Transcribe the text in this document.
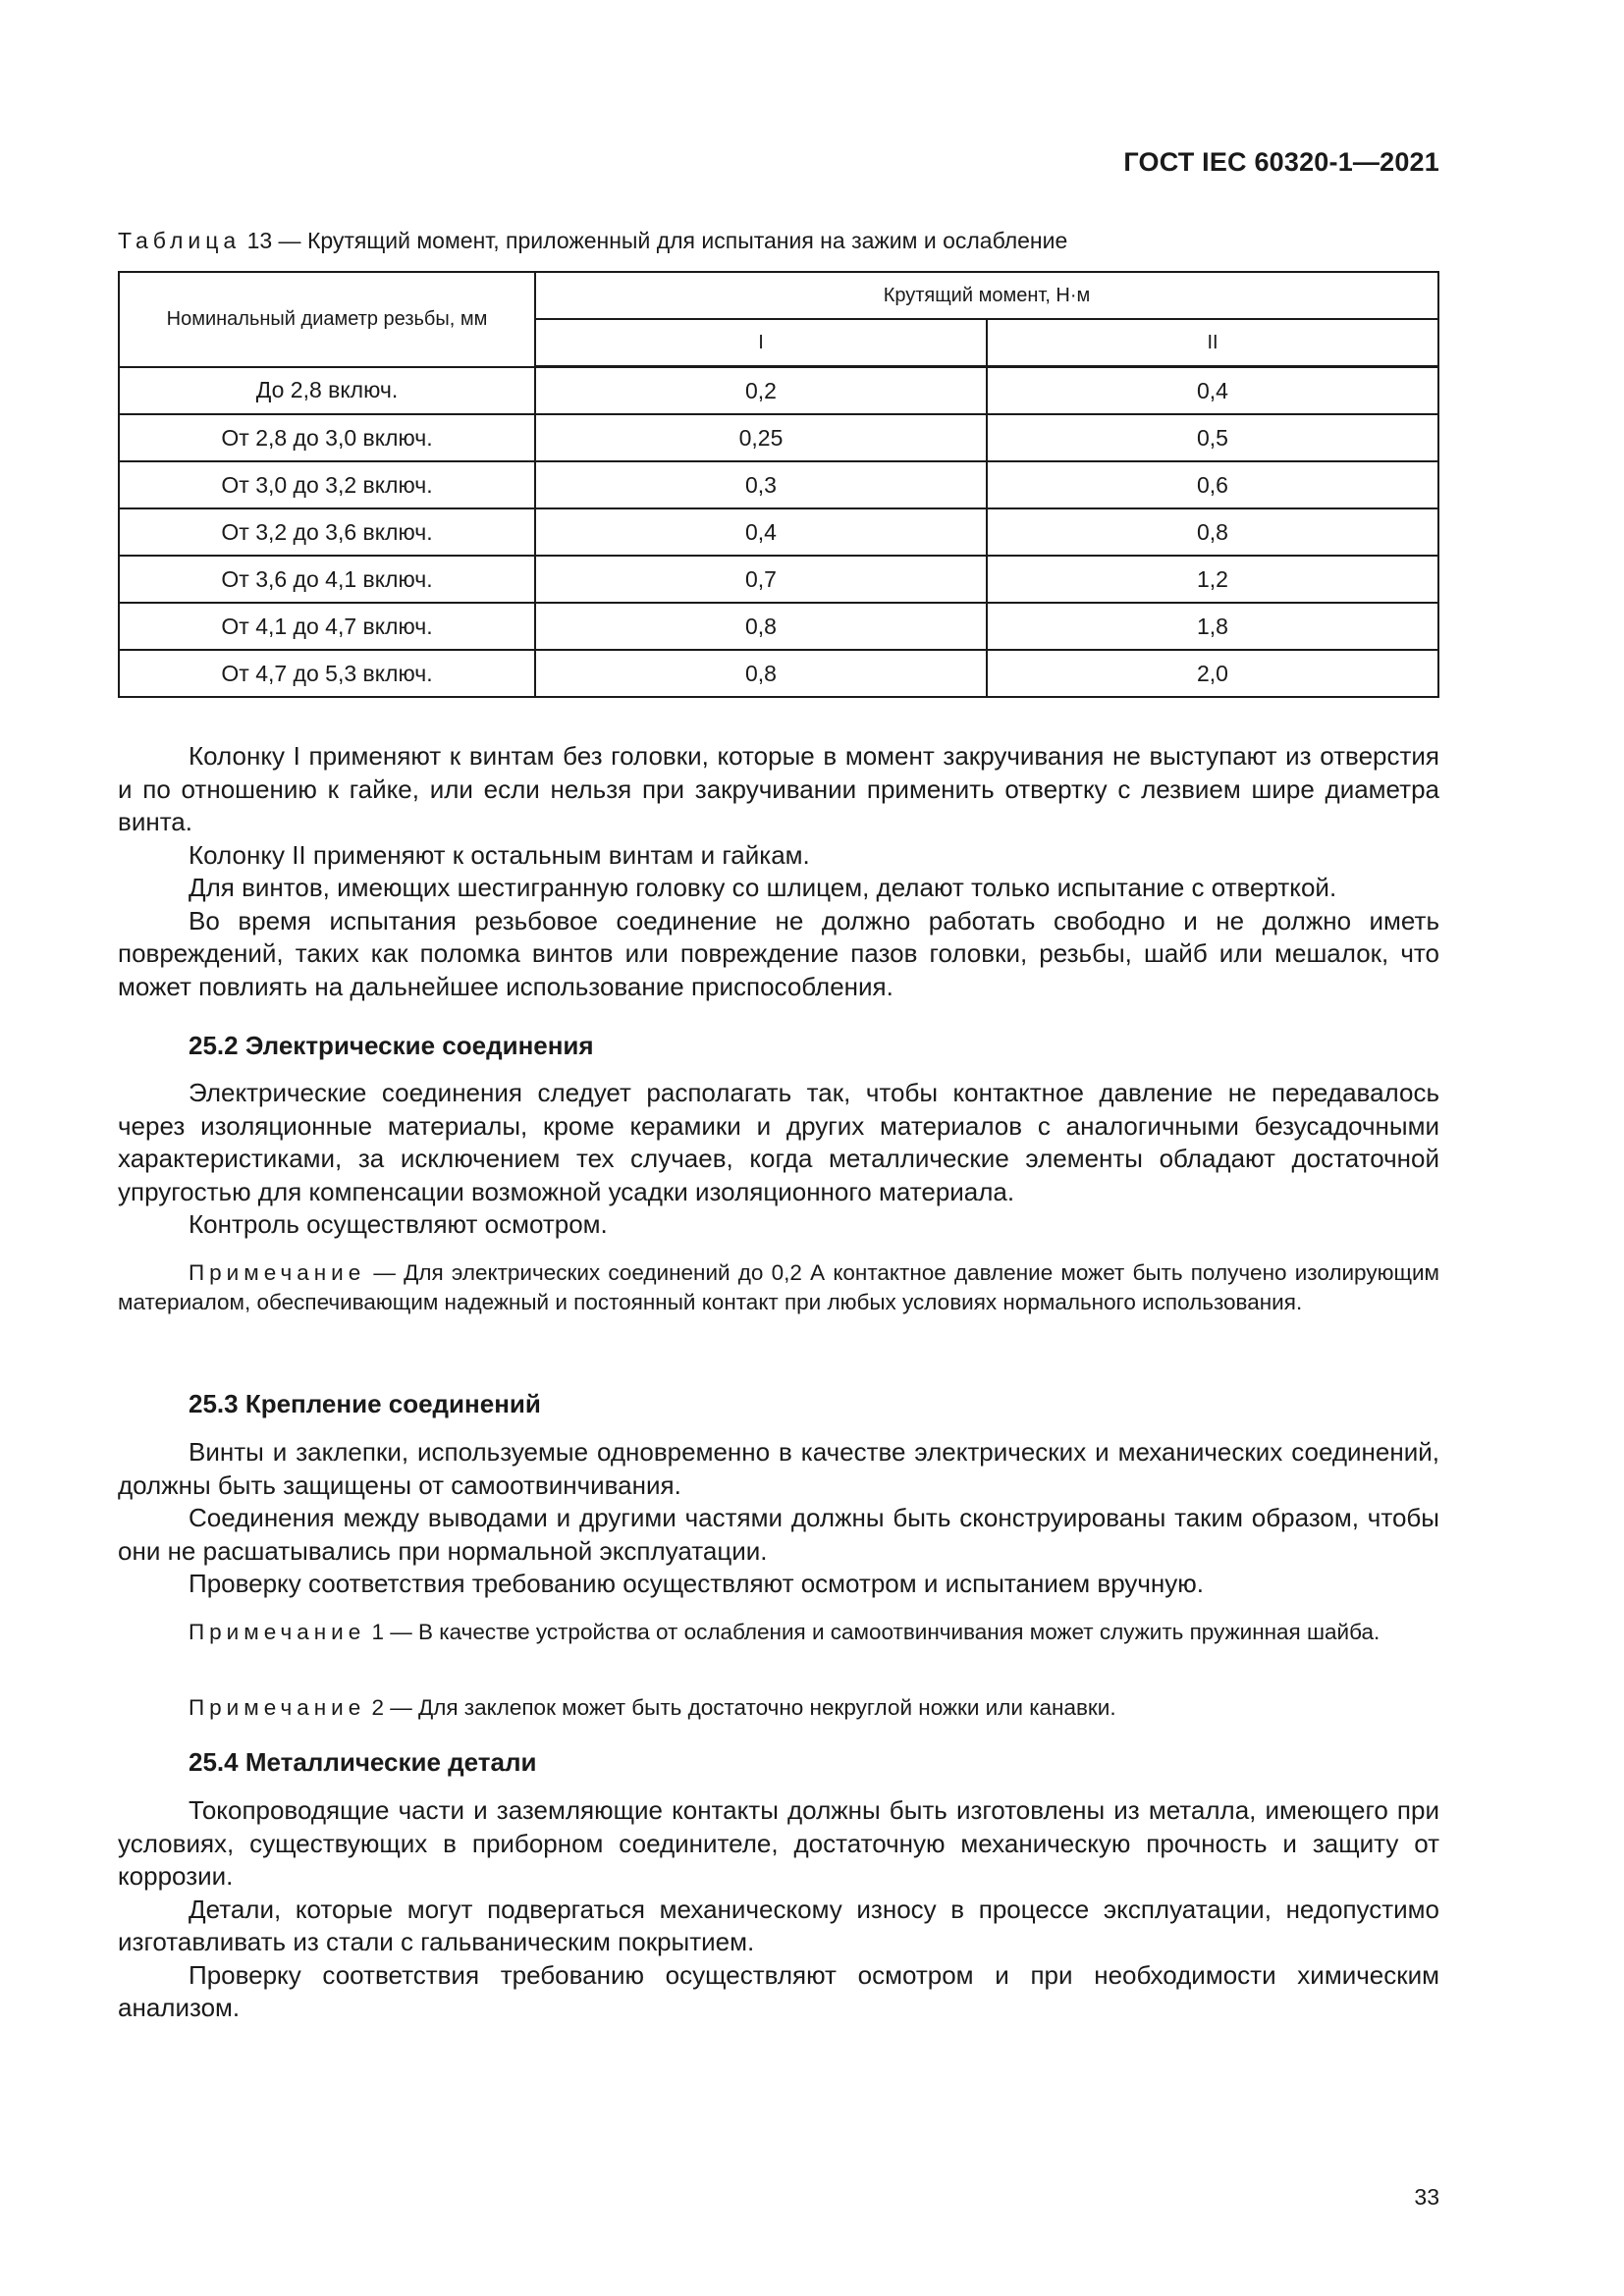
ГОСТ IEC 60320-1—2021
Таблица 13 — Крутящий момент, приложенный для испытания на зажим и ослабление
Номинальный диаметр резьбы, мм	Крутящий момент, Н·м	
	I	II
До 2,8 включ.	0,2	0,4
От 2,8 до 3,0 включ.	0,25	0,5
От 3,0 до 3,2 включ.	0,3	0,6
От 3,2 до 3,6 включ.	0,4	0,8
От 3,6 до 4,1 включ.	0,7	1,2
От 4,1 до 4,7 включ.	0,8	1,8
От 4,7 до 5,3 включ.	0,8	2,0

Колонку I применяют к винтам без головки, которые в момент закручивания не выступают из отверстия и по отношению к гайке, или если нельзя при закручивании применить отвертку с лезвием шире диаметра винта.

Колонку II применяют к остальным винтам и гайкам.

Для винтов, имеющих шестигранную головку со шлицем, делают только испытание с отверткой.

Во время испытания резьбовое соединение не должно работать свободно и не должно иметь повреждений, таких как поломка винтов или повреждение пазов головки, резьбы, шайб или мешалок, что может повлиять на дальнейшее использование приспособления.

25.2 Электрические соединения

Электрические соединения следует располагать так, чтобы контактное давление не передавалось через изоляционные материалы, кроме керамики и других материалов с аналогичными безусадочными характеристиками, за исключением тех случаев, когда металлические элементы обладают достаточной упругостью для компенсации возможной усадки изоляционного материала.

Контроль осуществляют осмотром.

Примечание — Для электрических соединений до 0,2 А контактное давление может быть получено изолирующим материалом, обеспечивающим надежный и постоянный контакт при любых условиях нормального использования.

25.3 Крепление соединений

Винты и заклепки, используемые одновременно в качестве электрических и механических соединений, должны быть защищены от самоотвинчивания.

Соединения между выводами и другими частями должны быть сконструированы таким образом, чтобы они не расшатывались при нормальной эксплуатации.

Проверку соответствия требованию осуществляют осмотром и испытанием вручную.

Примечание 1 — В качестве устройства от ослабления и самоотвинчивания может служить пружинная шайба.

Примечание 2 — Для заклепок может быть достаточно некруглой ножки или канавки.

25.4 Металлические детали

Токопроводящие части и заземляющие контакты должны быть изготовлены из металла, имеющего при условиях, существующих в приборном соединителе, достаточную механическую прочность и защиту от коррозии.

Детали, которые могут подвергаться механическому износу в процессе эксплуатации, недопустимо изготавливать из стали с гальваническим покрытием.

Проверку соответствия требованию осуществляют осмотром и при необходимости химическим анализом.

33
